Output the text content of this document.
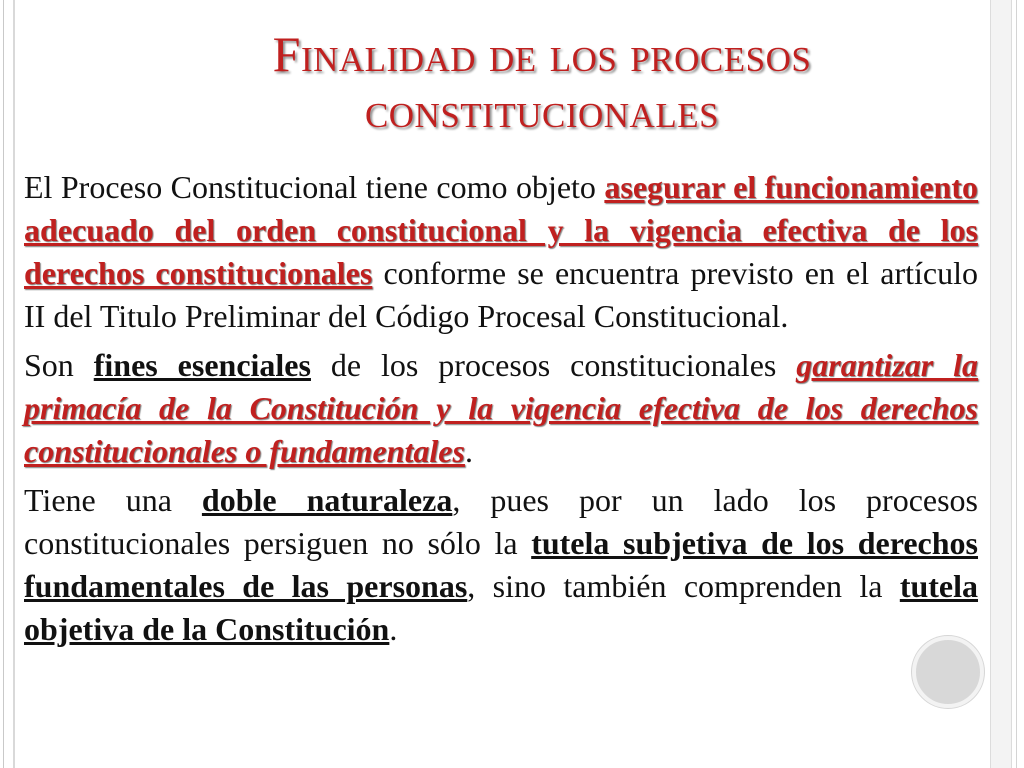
Finalidad de los procesos constitucionales

El Proceso Constitucional tiene como objeto asegurar el funcionamiento adecuado del orden constitucional y la vigencia efectiva de los derechos constitucionales conforme se encuentra previsto en el artículo II del Titulo Preliminar del Código Procesal Constitucional.

Son fines esenciales de los procesos constitucionales garantizar la primacía de la Constitución y la vigencia efectiva de los derechos constitucionales o fundamentales.

Tiene una doble naturaleza, pues por un lado los procesos constitucionales persiguen no sólo la tutela subjetiva de los derechos fundamentales de las personas, sino también comprenden la tutela objetiva de la Constitución.
